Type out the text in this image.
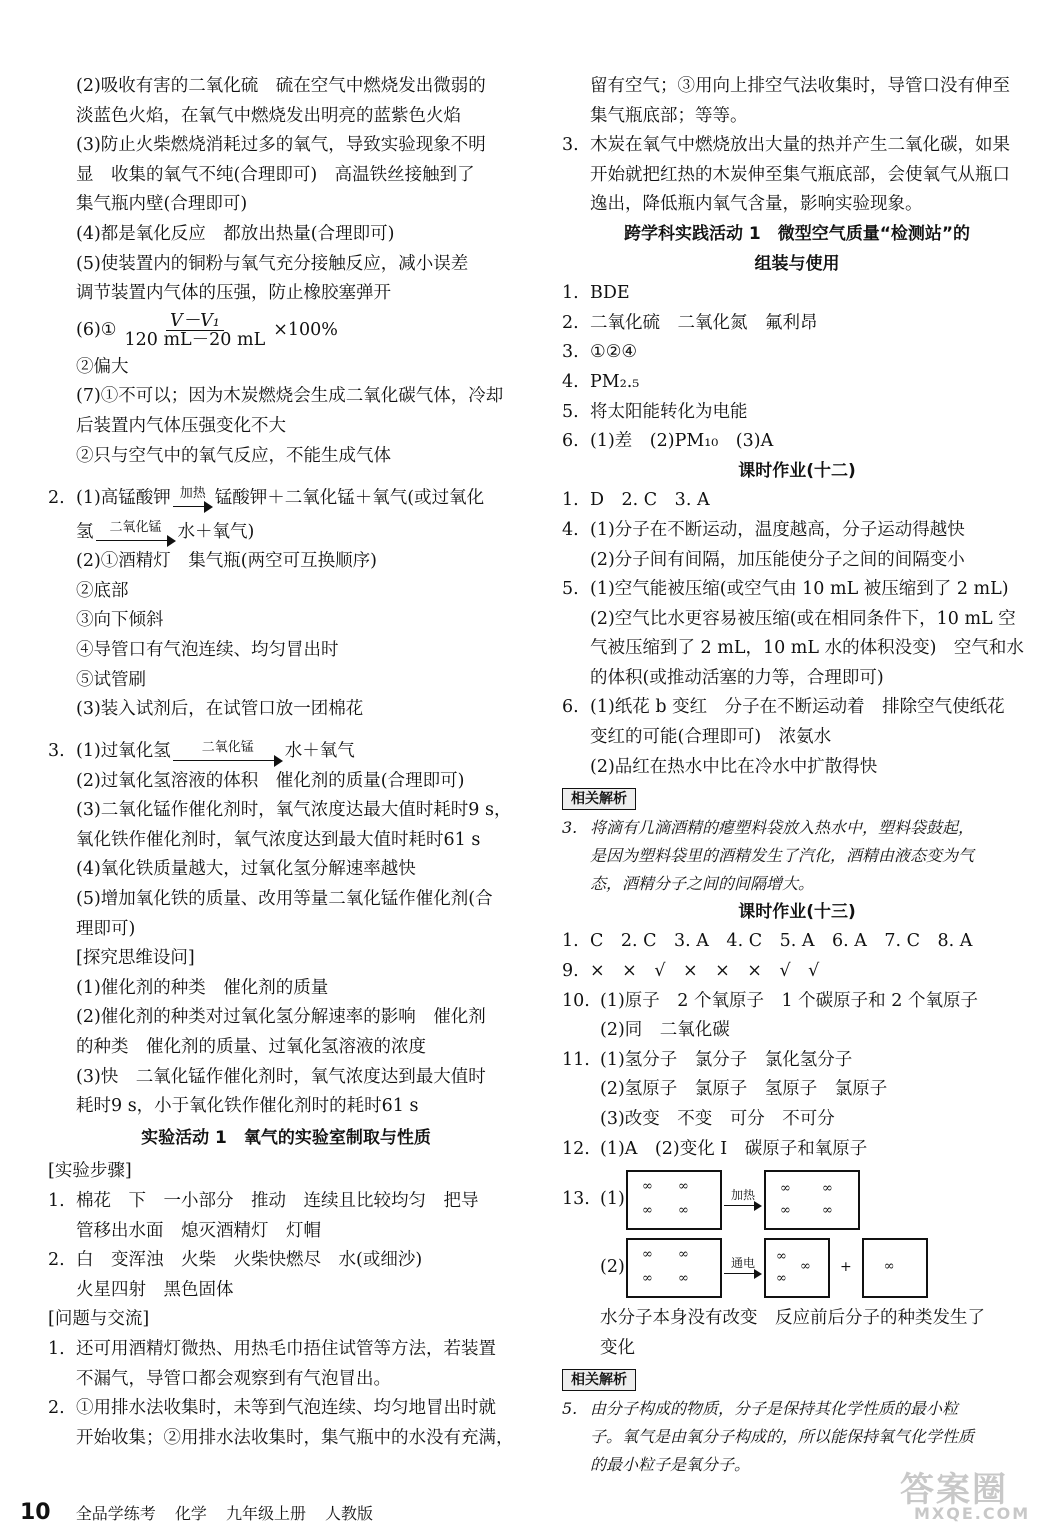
(2)吸收有害的二氧化硫　硫在空气中燃烧发出微弱的
淡蓝色火焰，在氧气中燃烧发出明亮的蓝紫色火焰
(3)防止火柴燃烧消耗过多的氧气，导致实验现象不明
显　收集的氧气不纯(合理即可)　高温铁丝接触到了
集气瓶内壁(合理即可)
(4)都是氧化反应　都放出热量(合理即可)
(5)使装置内的铜粉与氧气充分接触反应，减小误差
调节装置内气体的压强，防止橡胶塞弹开
(6)① $\frac{\text{V－V₁}}{120 mL-20 mL} \times 100\%$
②偏大
(7)①不可以；因为木炭燃烧会生成二氧化碳气体，冷却
后装置内气体压强变化不大
②只与空气中的氧气反应，不能生成气体
2. (1)高锰酸钾 加热 锰酸钾＋二氧化锰＋氧气(或过氧化
氢 二氧化锰 水＋氧气)
(2)①酒精灯　集气瓶(两空可互换顺序)
②底部
③向下倾斜
④导管口有气泡连续、均匀冒出时
⑤试管刷
(3)装入试剂后，在试管口放一团棉花
3. (1)过氧化氢 二氧化锰 水＋氧气
(2)过氧化氢溶液的体积　催化剂的质量(合理即可)
(3)二氧化锰作催化剂时，氧气浓度达最大值时耗时9 s，
氧化铁作催化剂时，氧气浓度达到最大值时耗时61 s
(4)氧化铁质量越大，过氧化氢分解速率越快
(5)增加氧化铁的质量、改用等量二氧化锰作催化剂(合
理即可)
[探究思维设问]
(1)催化剂的种类　催化剂的质量
(2)催化剂的种类对过氧化氢分解速率的影响　催化剂
的种类　催化剂的质量、过氧化氢溶液的浓度
(3)快　二氧化锰作催化剂时，氧气浓度达到最大值时
耗时9 s，小于氧化铁作催化剂时的耗时61 s
实验活动 1　氧气的实验室制取与性质
[实验步骤]
1. 棉花　下　一小部分　推动　连续且比较均匀　把导
管移出水面　熄灭酒精灯　灯帽
2. 白　变浑浊　火柴　火柴快燃尽　水(或细沙)
火星四射　黑色固体
[问题与交流]
1. 还可用酒精灯微热、用热毛巾捂住试管等方法，若装置
不漏气，导管口都会观察到有气泡冒出。
2. ①用排水法收集时，未等到气泡连续、均匀地冒出时就
开始收集；②用排水法收集时，集气瓶中的水没有充满，
留有空气；③用向上排空气法收集时，导管口没有伸至
集气瓶底部；等等。
3. 木炭在氧气中燃烧放出大量的热并产生二氧化碳，如果
开始就把红热的木炭伸至集气瓶底部，会使氧气从瓶口
逸出，降低瓶内氧气含量，影响实验现象。
跨学科实践活动 1　微型空气质量“检测站”的
组装与使用
1. BDE
2. 二氧化硫　二氧化氮　氟利昂
3. ①②④
4. PM₂.₅
5. 将太阳能转化为电能
6. (1)差　(2)PM₁₀　(3)A
课时作业(十二)
1. D　2. C　3. A
4. (1)分子在不断运动，温度越高，分子运动得越快
(2)分子间有间隔，加压能使分子之间的间隔变小
5. (1)空气能被压缩(或空气由 10 mL 被压缩到了 2 mL)
(2)空气比水更容易被压缩(或在相同条件下，10 mL 空
气被压缩到了 2 mL，10 mL 水的体积没变)　空气和水
的体积(或推动活塞的力等，合理即可)
6. (1)纸花 b 变红　分子在不断运动着　排除空气使纸花
变红的可能(合理即可)　浓氨水
(2)品红在热水中比在冷水中扩散得快
相关解析
3. 将滴有几滴酒精的瘪塑料袋放入热水中，塑料袋鼓起，
是因为塑料袋里的酒精发生了汽化，酒精由液态变为气
态，酒精分子之间的间隔增大。
课时作业(十三)
1. C　2. C　3. A　4. C　5. A　6. A　7. C　8. A
9. ×　×　√　×　×　×　√　√
10. (1)原子　2 个氧原子　1 个碳原子和 2 个氧原子
(2)同　二氧化碳
11. (1)氢分子　氯分子　氯化氢分子
(2)氢原子　氯原子　氢原子　氯原子
(3)改变　不变　可分　不可分
12. (1)A　(2)变化 I　碳原子和氧原子
13. (1)
∞ ∞
∞ ∞
加热 ∞	∞
∞	∞
(2)
∞ ∞
∞ ∞
通电 ∞
∞
∞
+ ∞
水分子本身没有改变　反应前后分子的种类发生了
变化
相关解析
5. 由分子构成的物质，分子是保持其化学性质的最小粒
子。氧气是由氧分子构成的，所以能保持氧气化学性质
的最小粒子是氧分子。
10 全品学练考 化学 九年级上册 人教版
答案圈
MXQE.COM
